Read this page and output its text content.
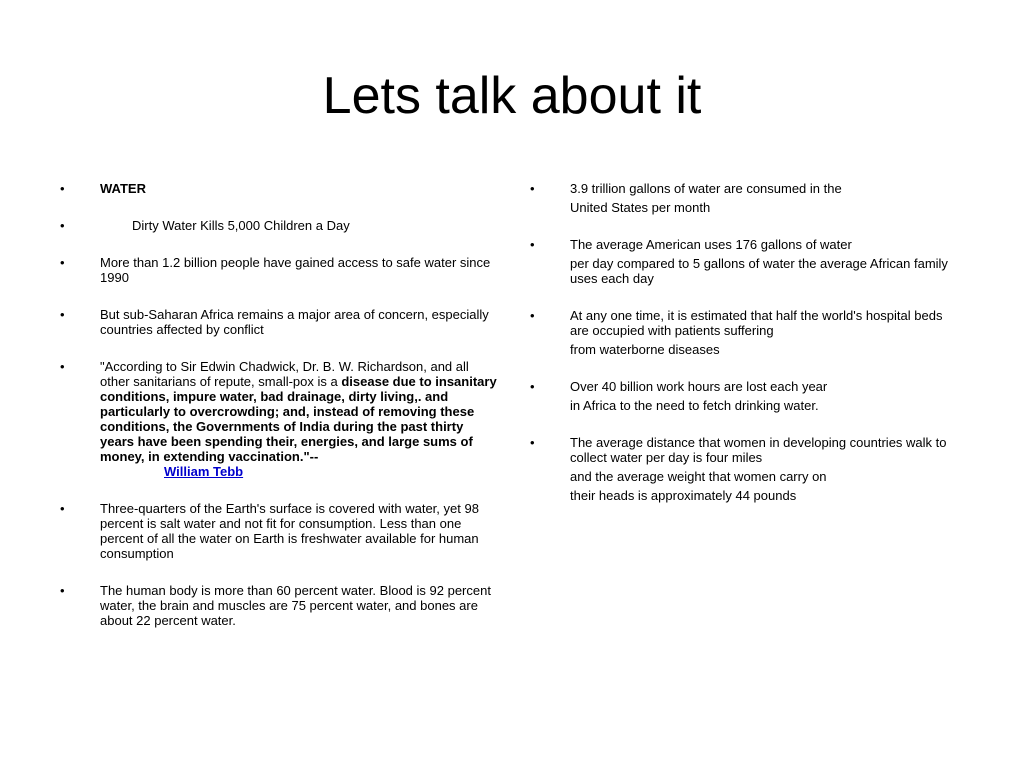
Lets talk about it
•	WATER
•	Dirty Water Kills 5,000 Children a Day
•	More than 1.2 billion people have gained access to safe water since 1990
•	But sub-Saharan Africa remains a major area of concern, especially countries affected by conflict
•	"According to Sir Edwin Chadwick, Dr. B. W. Richardson, and all other sanitarians of repute, small-pox is a disease due to insanitary conditions, impure water, bad drainage, dirty living,. and particularly to overcrowding; and, instead of removing these conditions, the Governments of India during the past thirty years have been spending their, energies, and large sums of money, in extending vaccination."--
William Tebb
•	Three-quarters of the Earth's surface is covered with water, yet 98 percent is salt water and not fit for consumption. Less than one percent of all the water on Earth is freshwater available for human consumption
•	The human body is more than 60 percent water. Blood is 92 percent water, the brain and muscles are 75 percent water, and bones are about 22 percent water.
•	3.9 trillion gallons of water are consumed in the
United States per month
•	The average American uses 176 gallons of water
per day compared to 5 gallons of water the average African family uses each day
•	At any one time, it is estimated that half the world's hospital beds are occupied with patients suffering
from waterborne diseases
•	Over 40 billion work hours are lost each year
in Africa to the need to fetch drinking water.
•	The average distance that women in developing countries walk to collect water per day is four miles
and the average weight that women carry on
their heads is approximately 44 pounds
